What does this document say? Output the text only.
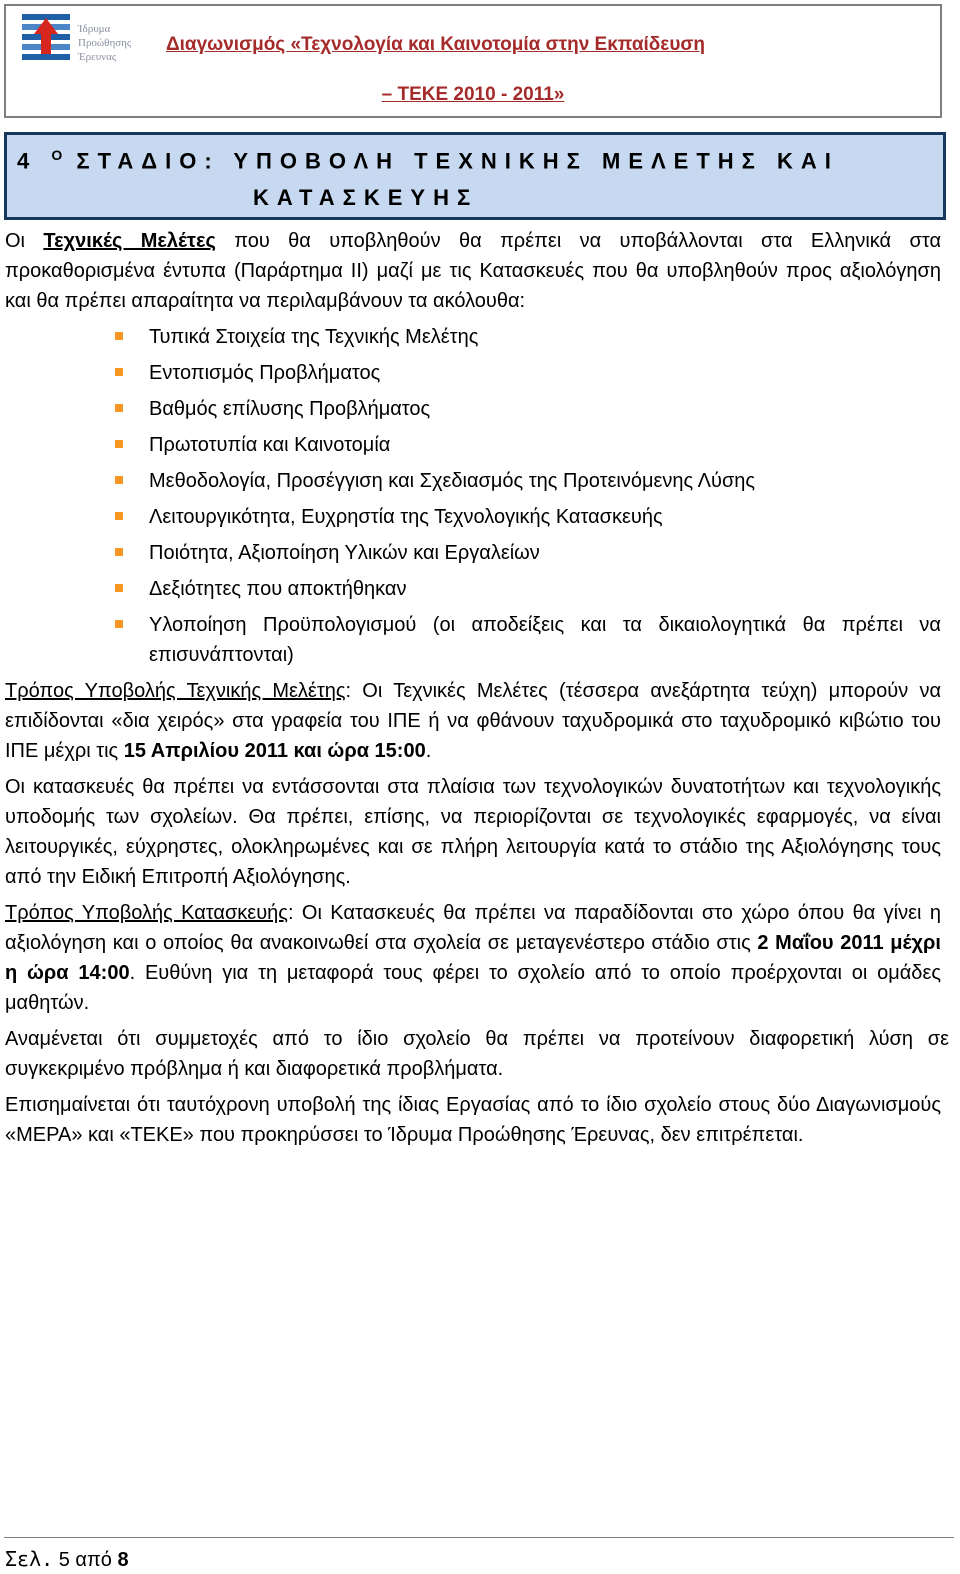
Ίδρυμα
Προώθησης
Έρευνας
Διαγωνισμός «Τεχνολογία και Καινοτομία στην Εκπαίδευση
– ΤΕΚΕ 2010 - 2011»
4 $^O$ ΣΤΑΔΙΟ: ΥΠΟΒΟΛΗ ΤΕΧΝΙΚΗΣ ΜΕΛΕΤΗΣ ΚΑΙ
ΚΑΤΑΣΚΕΥΗΣ

Οι Τεχνικές Μελέτες που θα υποβληθούν θα πρέπει να υποβάλλονται στα Ελληνικά στα προκαθορισμένα έντυπα (Παράρτημα ΙΙ) μαζί με τις Κατασκευές που θα υποβληθούν προς αξιολόγηση και θα πρέπει απαραίτητα να περιλαμβάνουν τα ακόλουθα:

Τυπικά Στοιχεία της Τεχνικής Μελέτης
Εντοπισμός Προβλήματος
Βαθμός επίλυσης Προβλήματος
Πρωτοτυπία και Καινοτομία
Μεθοδολογία, Προσέγγιση και Σχεδιασμός της Προτεινόμενης Λύσης
Λειτουργικότητα, Ευχρηστία της Τεχνολογικής Κατασκευής
Ποιότητα, Αξιοποίηση Υλικών και Εργαλείων
Δεξιότητες που αποκτήθηκαν
Υλοποίηση Προϋπολογισμού (οι αποδείξεις και τα δικαιολογητικά θα πρέπει να επισυνάπτονται)

Τρόπος Υποβολής Τεχνικής Μελέτης: Οι Τεχνικές Μελέτες (τέσσερα ανεξάρτητα τεύχη) μπορούν να επιδίδονται «δια χειρός» στα γραφεία του ΙΠΕ ή να φθάνουν ταχυδρομικά στο ταχυδρομικό κιβώτιο του ΙΠΕ μέχρι τις 15 Απριλίου 2011 και ώρα 15:00.

Οι κατασκευές θα πρέπει να εντάσσονται στα πλαίσια των τεχνολογικών δυνατοτήτων και τεχνολογικής υποδομής των σχολείων. Θα πρέπει, επίσης, να περιορίζονται σε τεχνολογικές εφαρμογές, να είναι λειτουργικές, εύχρηστες, ολοκληρωμένες και σε πλήρη λειτουργία κατά το στάδιο της Αξιολόγησης τους από την Ειδική Επιτροπή Αξιολόγησης.

Τρόπος Υποβολής Κατασκευής: Οι Κατασκευές θα πρέπει να παραδίδονται στο χώρο όπου θα γίνει η αξιολόγηση και ο οποίος θα ανακοινωθεί στα σχολεία σε μεταγενέστερο στάδιο στις 2 Μαΐου 2011 μέχρι η ώρα 14:00. Ευθύνη για τη μεταφορά τους φέρει το σχολείο από το οποίο προέρχονται οι ομάδες μαθητών.

Αναμένεται ότι συμμετοχές από το ίδιο σχολείο θα πρέπει να προτείνουν διαφορετική λύση σε συγκεκριμένο πρόβλημα ή και διαφορετικά προβλήματα.

Επισημαίνεται ότι ταυτόχρονη υποβολή της ίδιας Εργασίας από το ίδιο σχολείο στους δύο Διαγωνισμούς «ΜΕΡΑ» και «ΤΕΚΕ» που προκηρύσσει το Ίδρυμα Προώθησης Έρευνας, δεν επιτρέπεται.

Σελ. 5 από 8
